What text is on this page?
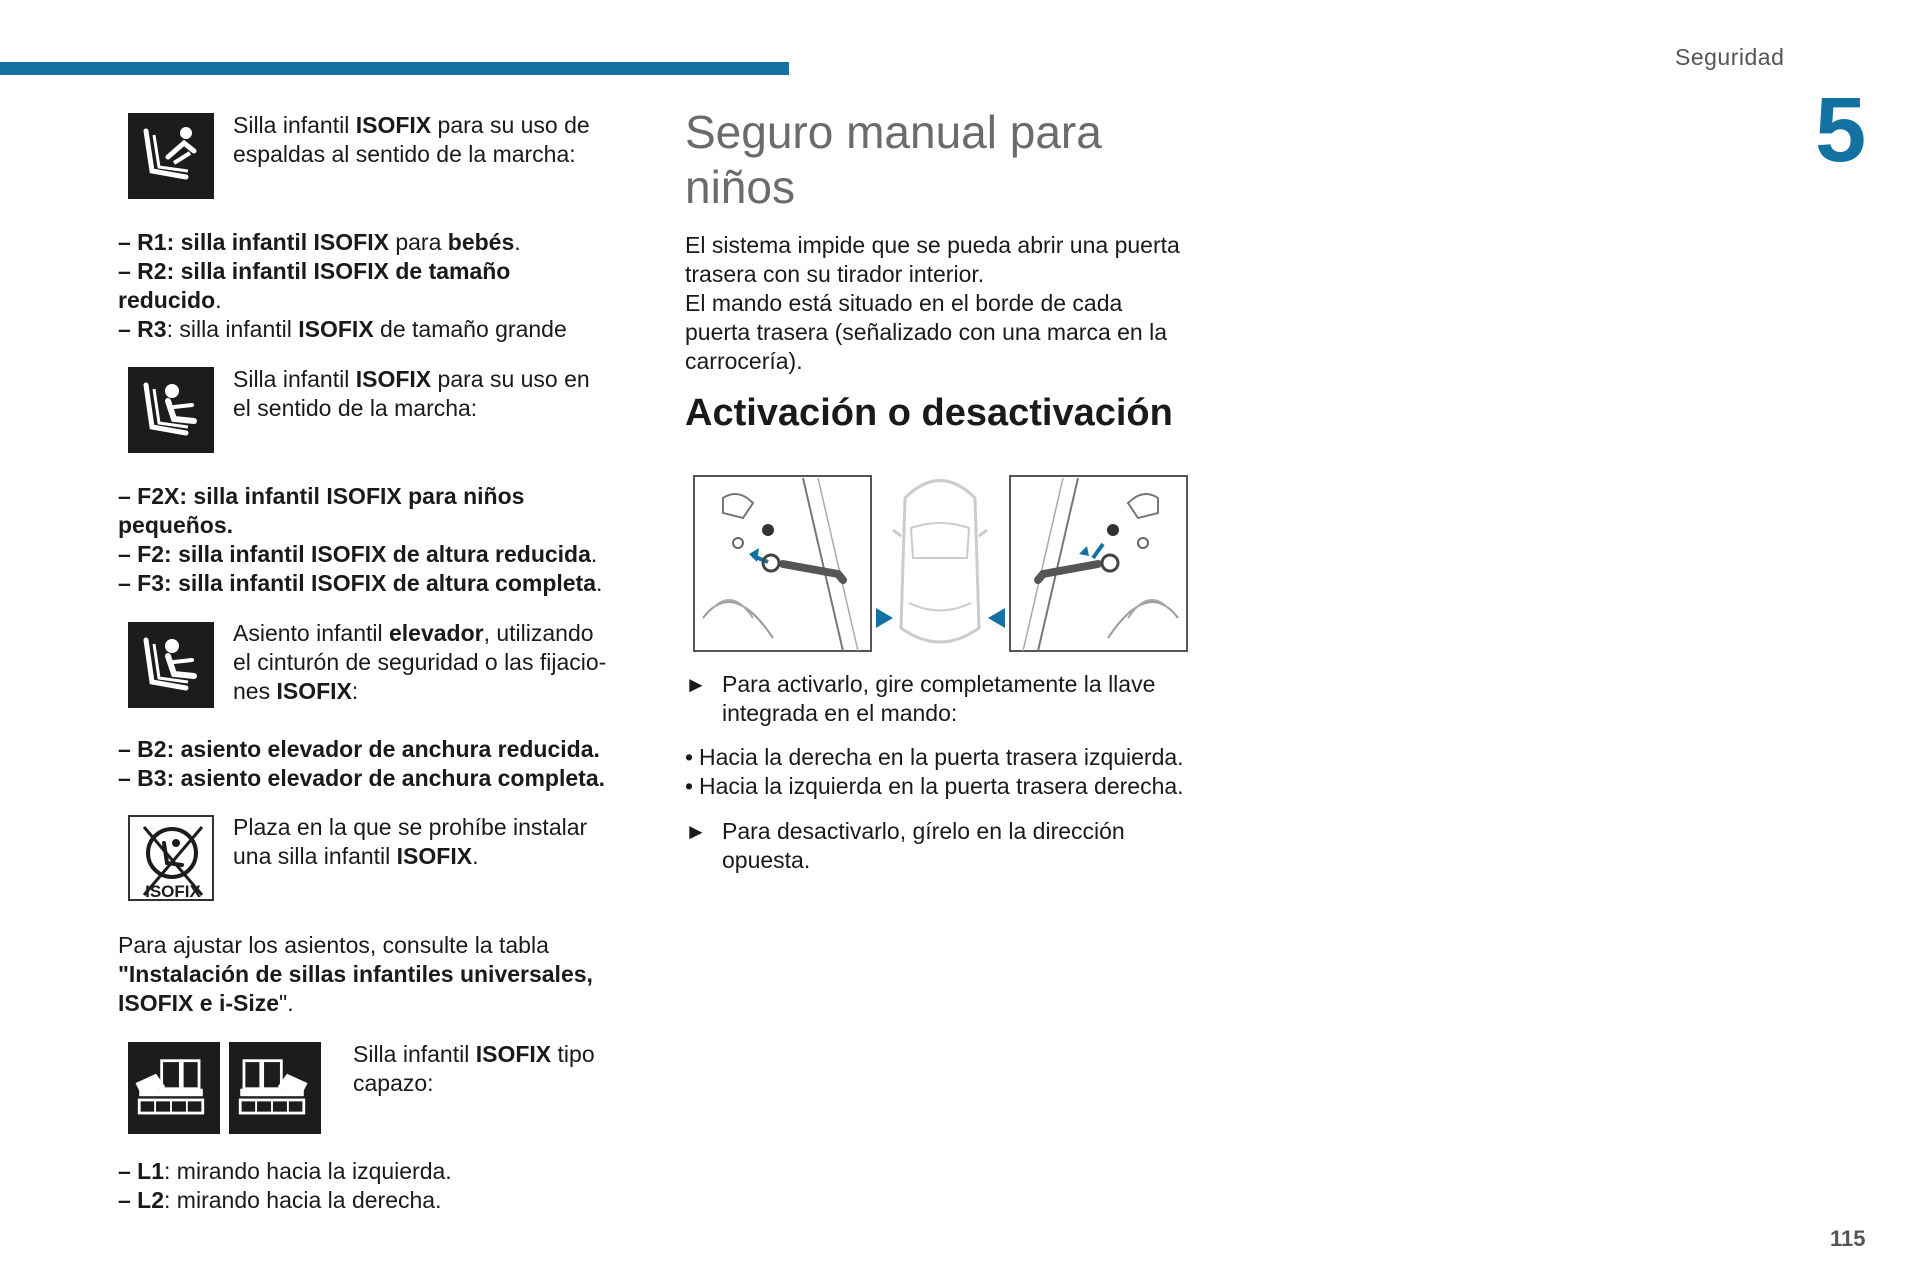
Seguridad
5
115
Silla infantil ISOFIX para su uso de
espaldas al sentido de la marcha:

– R1: silla infantil ISOFIX para bebés.

– R2: silla infantil ISOFIX de tamaño

reducido.

– R3: silla infantil ISOFIX de tamaño grande

Silla infantil ISOFIX para su uso en
el sentido de la marcha:

– F2X: silla infantil ISOFIX para niños

pequeños.

– F2: silla infantil ISOFIX de altura reducida.

– F3: silla infantil ISOFIX de altura completa.

Asiento infantil elevador, utilizando
el cinturón de seguridad o las fijacio-
nes ISOFIX:

– B2: asiento elevador de anchura reducida.

– B3: asiento elevador de anchura completa.

ISOFIX
Plaza en la que se prohíbe instalar
una silla infantil ISOFIX.

Para ajustar los asientos, consulte la tabla

"Instalación de sillas infantiles universales,

ISOFIX e i-Size".

Silla infantil ISOFIX tipo
capazo:

– L1: mirando hacia la izquierda.

– L2: mirando hacia la derecha.

Seguro manual para
niños

El sistema impide que se pueda abrir una puerta

trasera con su tirador interior.

El mando está situado en el borde de cada

puerta trasera (señalizado con una marca en la

carrocería).

Activación o desactivación
► Para activarlo, gire completamente la llave
integrada en el mando:
• Hacia la derecha en la puerta trasera izquierda.
• Hacia la izquierda en la puerta trasera derecha.
► Para desactivarlo, gírelo en la dirección
opuesta.
